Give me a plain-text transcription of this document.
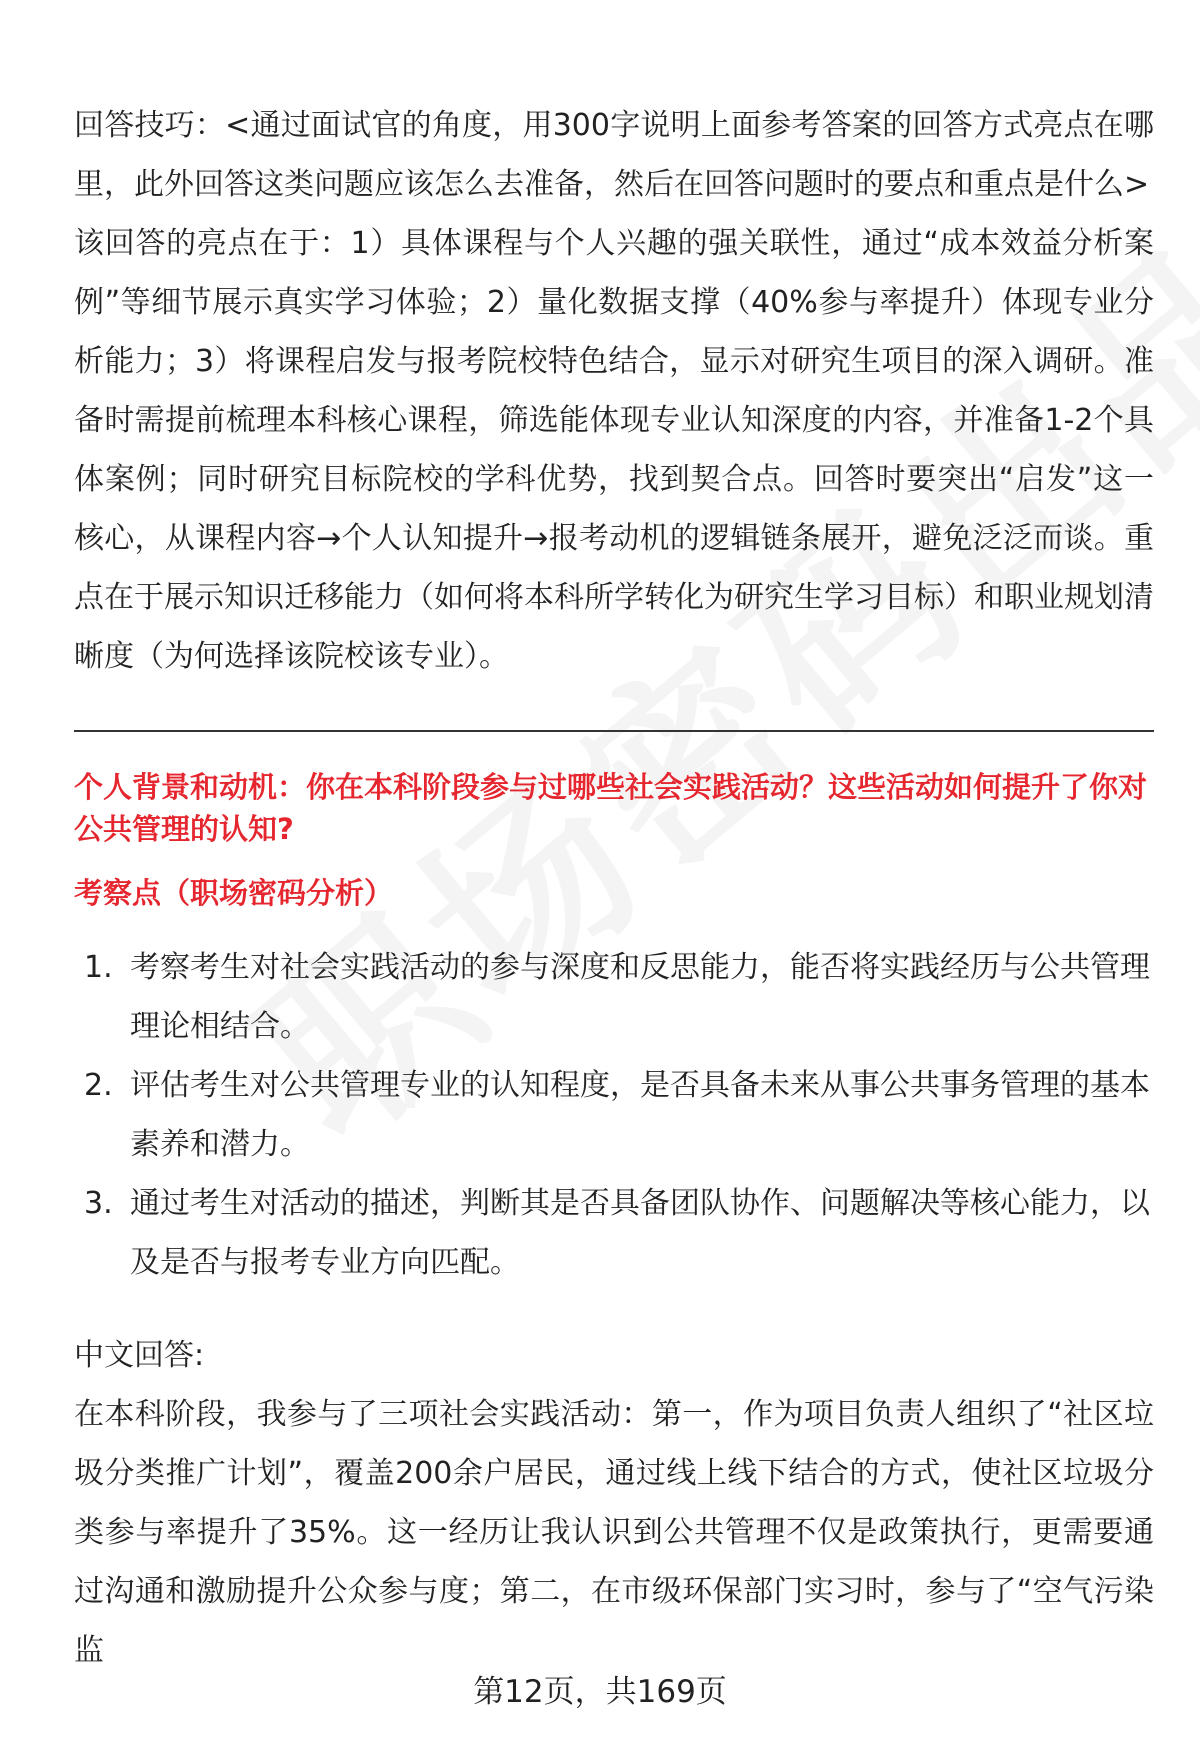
回答技巧：<通过面试官的角度，用300字说明上面参考答案的回答方式亮点在哪里，此外回答这类问题应该怎么去准备，然后在回答问题时的要点和重点是什么>

该回答的亮点在于：1）具体课程与个人兴趣的强关联性，通过“成本效益分析案例”等细节展示真实学习体验；2）量化数据支撑（40%参与率提升）体现专业分析能力；3）将课程启发与报考院校特色结合，显示对研究生项目的深入调研。准备时需提前梳理本科核心课程，筛选能体现专业认知深度的内容，并准备1-2个具体案例；同时研究目标院校的学科优势，找到契合点。回答时要突出“启发”这一核心，从课程内容→个人认知提升→报考动机的逻辑链条展开，避免泛泛而谈。重点在于展示知识迁移能力（如何将本科所学转化为研究生学习目标）和职业规划清晰度（为何选择该院校该专业）。

个人背景和动机：你在本科阶段参与过哪些社会实践活动？这些活动如何提升了你对公共管理的认知?

考察点（职场密码分析）

1. 考察考生对社会实践活动的参与深度和反思能力，能否将实践经历与公共管理理论相结合。
2. 评估考生对公共管理专业的认知程度，是否具备未来从事公共事务管理的基本素养和潜力。
3. 通过考生对活动的描述，判断其是否具备团队协作、问题解决等核心能力，以及是否与报考专业方向匹配。

中文回答:

在本科阶段，我参与了三项社会实践活动：第一，作为项目负责人组织了“社区垃圾分类推广计划”，覆盖200余户居民，通过线上线下结合的方式，使社区垃圾分类参与率提升了35%。这一经历让我认识到公共管理不仅是政策执行，更需要通过沟通和激励提升公众参与度；第二，在市级环保部门实习时，参与了“空气污染监

第12页，共169页
